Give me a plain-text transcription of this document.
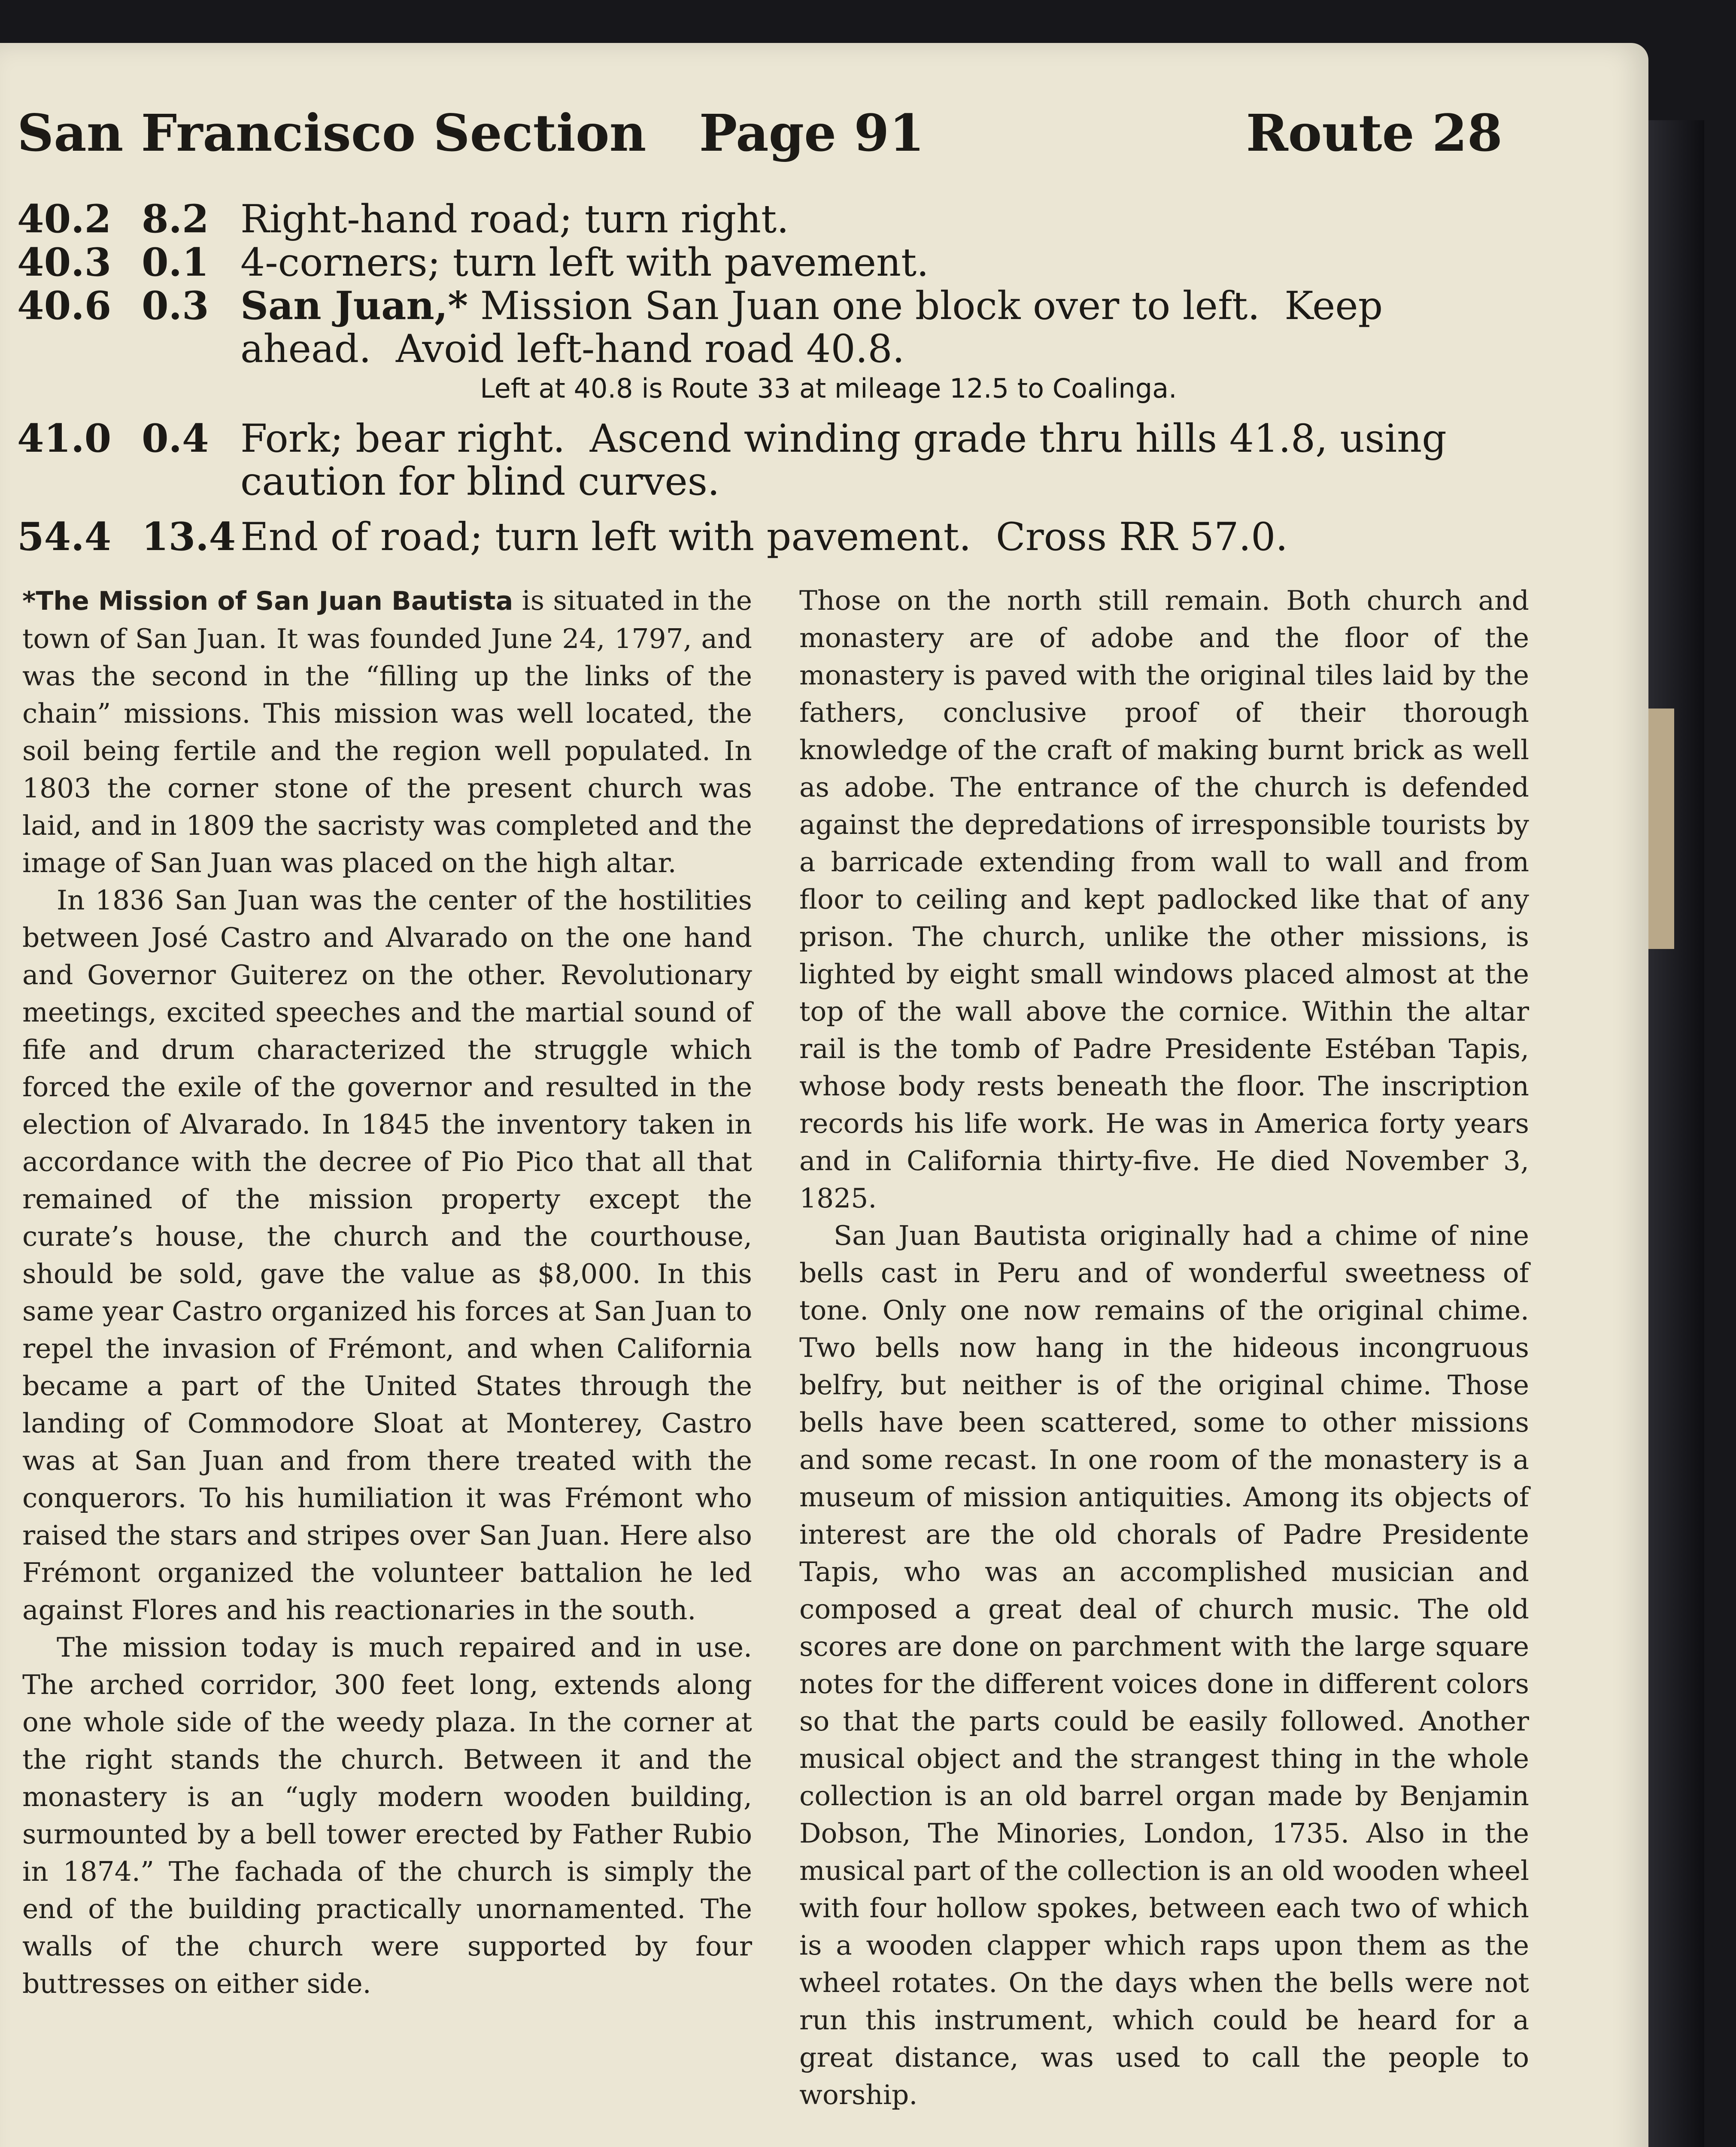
San Francisco Section   Page 91	Route 28
40.2 8.2 Right-hand road; turn right.
40.3 0.1 4-corners; turn left with pavement.
40.6 0.3 San Juan,* Mission San Juan one block over to left.  Keep
ahead.  Avoid left-hand road 40.8.
Left at 40.8 is Route 33 at mileage 12.5 to Coalinga.
41.0 0.4 Fork; bear right.  Ascend winding grade thru hills 41.8, using
caution for blind curves.
54.4 13.4 End of road; turn left with pavement.  Cross RR 57.0.

*The Mission of San Juan Bautista is situated in the town of San Juan. It was founded June 24, 1797, and was the second in the “filling up the links of the chain” missions. This mission was well located, the soil being fertile and the region well populated. In 1803 the corner stone of the present church was laid, and in 1809 the sacristy was completed and the image of San Juan was placed on the high altar.

In 1836 San Juan was the center of the hostilities between José Castro and Alvarado on the one hand and Governor Guiterez on the other. Revolutionary meetings, excited speeches and the martial sound of fife and drum characterized the struggle which forced the exile of the governor and resulted in the election of Alvarado. In 1845 the inventory taken in accordance with the decree of Pio Pico that all that remained of the mission property except the curate’s house, the church and the courthouse, should be sold, gave the value as $8,000. In this same year Castro organized his forces at San Juan to repel the invasion of Frémont, and when California became a part of the United States through the landing of Commodore Sloat at Monterey, Castro was at San Juan and from there treated with the conquerors. To his humiliation it was Frémont who raised the stars and stripes over San Juan. Here also Frémont organized the volunteer battalion he led against Flores and his reactionaries in the south.

The mission today is much repaired and in use. The arched corridor, 300 feet long, extends along one whole side of the weedy plaza. In the corner at the right stands the church. Between it and the monastery is an “ugly modern wooden building, surmounted by a bell tower erected by Father Rubio in 1874.” The fachada of the church is simply the end of the building practically unornamented. The walls of the church were supported by four buttresses on either side.

Those on the north still remain. Both church and monastery are of adobe and the floor of the monastery is paved with the original tiles laid by the fathers, conclusive proof of their thorough knowledge of the craft of making burnt brick as well as adobe. The entrance of the church is defended against the depredations of irresponsible tourists by a barricade extending from wall to wall and from floor to ceiling and kept padlocked like that of any prison. The church, unlike the other missions, is lighted by eight small windows placed almost at the top of the wall above the cornice. Within the altar rail is the tomb of Padre Presidente Estéban Tapis, whose body rests beneath the floor. The inscription records his life work. He was in America forty years and in California thirty-five. He died November 3, 1825.

San Juan Bautista originally had a chime of nine bells cast in Peru and of wonderful sweetness of tone. Only one now remains of the original chime. Two bells now hang in the hideous incongruous belfry, but neither is of the original chime. Those bells have been scattered, some to other missions and some recast. In one room of the monastery is a museum of mission antiquities. Among its objects of interest are the old chorals of Padre Presidente Tapis, who was an accomplished musician and composed a great deal of church music. The old scores are done on parchment with the large square notes for the different voices done in different colors so that the parts could be easily followed. Another musical object and the strangest thing in the whole collection is an old barrel organ made by Benjamin Dobson, The Minories, London, 1735. Also in the musical part of the collection is an old wooden wheel with four hollow spokes, between each two of which is a wooden clapper which raps upon them as the wheel rotates. On the days when the bells were not run this instrument, which could be heard for a great distance, was used to call the people to worship.
